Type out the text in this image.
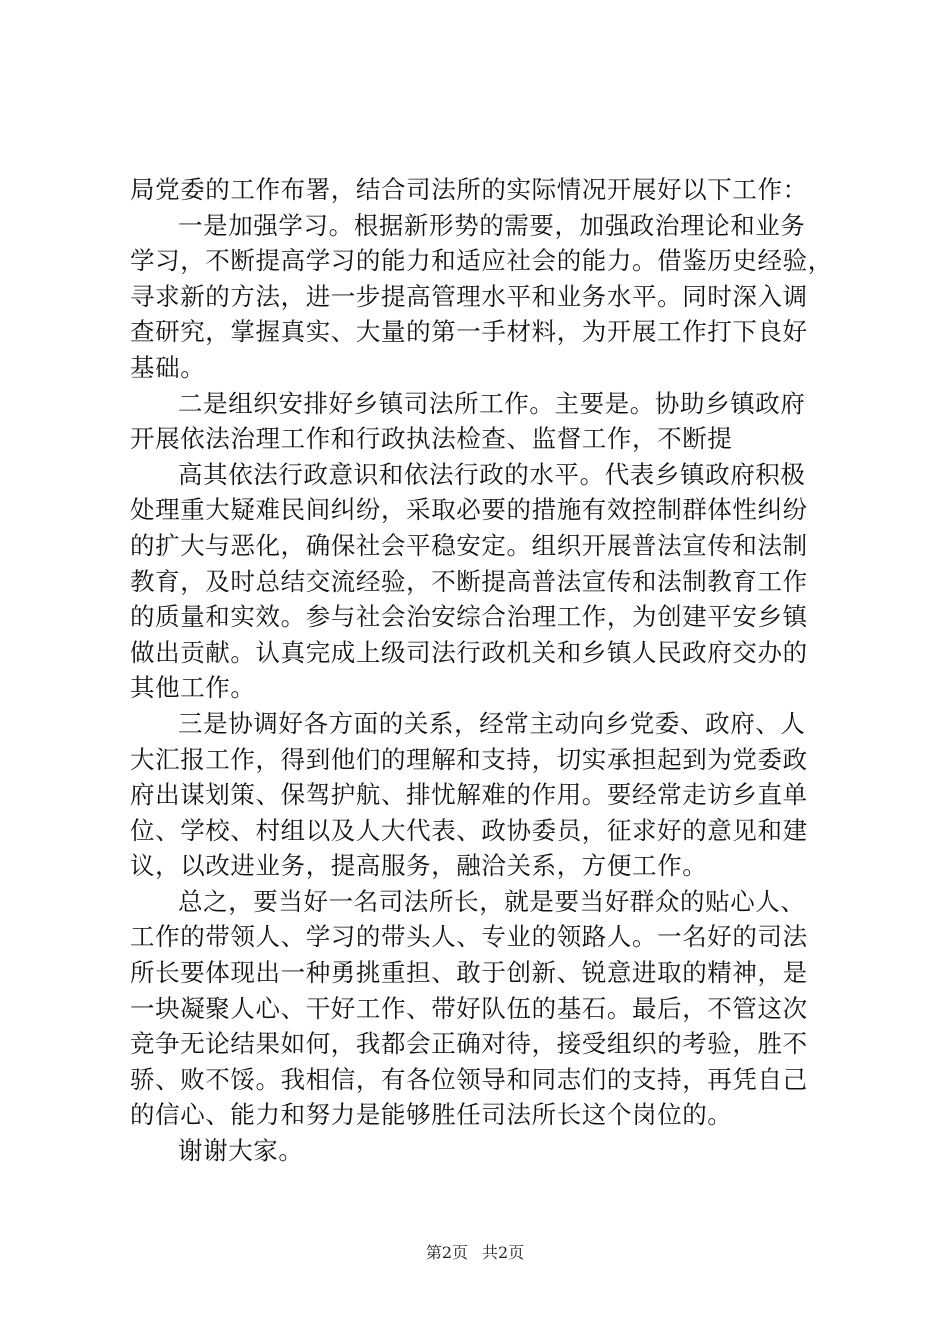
局党委的工作布署，结合司法所的实际情况开展好以下工作：
一是加强学习。根据新形势的需要，加强政治理论和业务
学习，不断提高学习的能力和适应社会的能力。借鉴历史经验，
寻求新的方法，进一步提高管理水平和业务水平。同时深入调
查研究，掌握真实、大量的第一手材料，为开展工作打下良好
基础。
二是组织安排好乡镇司法所工作。主要是。协助乡镇政府
开展依法治理工作和行政执法检查、监督工作，不断提
高其依法行政意识和依法行政的水平。代表乡镇政府积极
处理重大疑难民间纠纷，采取必要的措施有效控制群体性纠纷
的扩大与恶化，确保社会平稳安定。组织开展普法宣传和法制
教育，及时总结交流经验，不断提高普法宣传和法制教育工作
的质量和实效。参与社会治安综合治理工作，为创建平安乡镇
做出贡献。认真完成上级司法行政机关和乡镇人民政府交办的
其他工作。
三是协调好各方面的关系，经常主动向乡党委、政府、人
大汇报工作，得到他们的理解和支持，切实承担起到为党委政
府出谋划策、保驾护航、排忧解难的作用。要经常走访乡直单
位、学校、村组以及人大代表、政协委员，征求好的意见和建
议，以改进业务，提高服务，融洽关系，方便工作。
总之，要当好一名司法所长，就是要当好群众的贴心人、
工作的带领人、学习的带头人、专业的领路人。一名好的司法
所长要体现出一种勇挑重担、敢于创新、锐意进取的精神，是
一块凝聚人心、干好工作、带好队伍的基石。最后，不管这次
竞争无论结果如何，我都会正确对待，接受组织的考验，胜不
骄、败不馁。我相信，有各位领导和同志们的支持，再凭自己
的信心、能力和努力是能够胜任司法所长这个岗位的。
谢谢大家。
第2页 共2页
